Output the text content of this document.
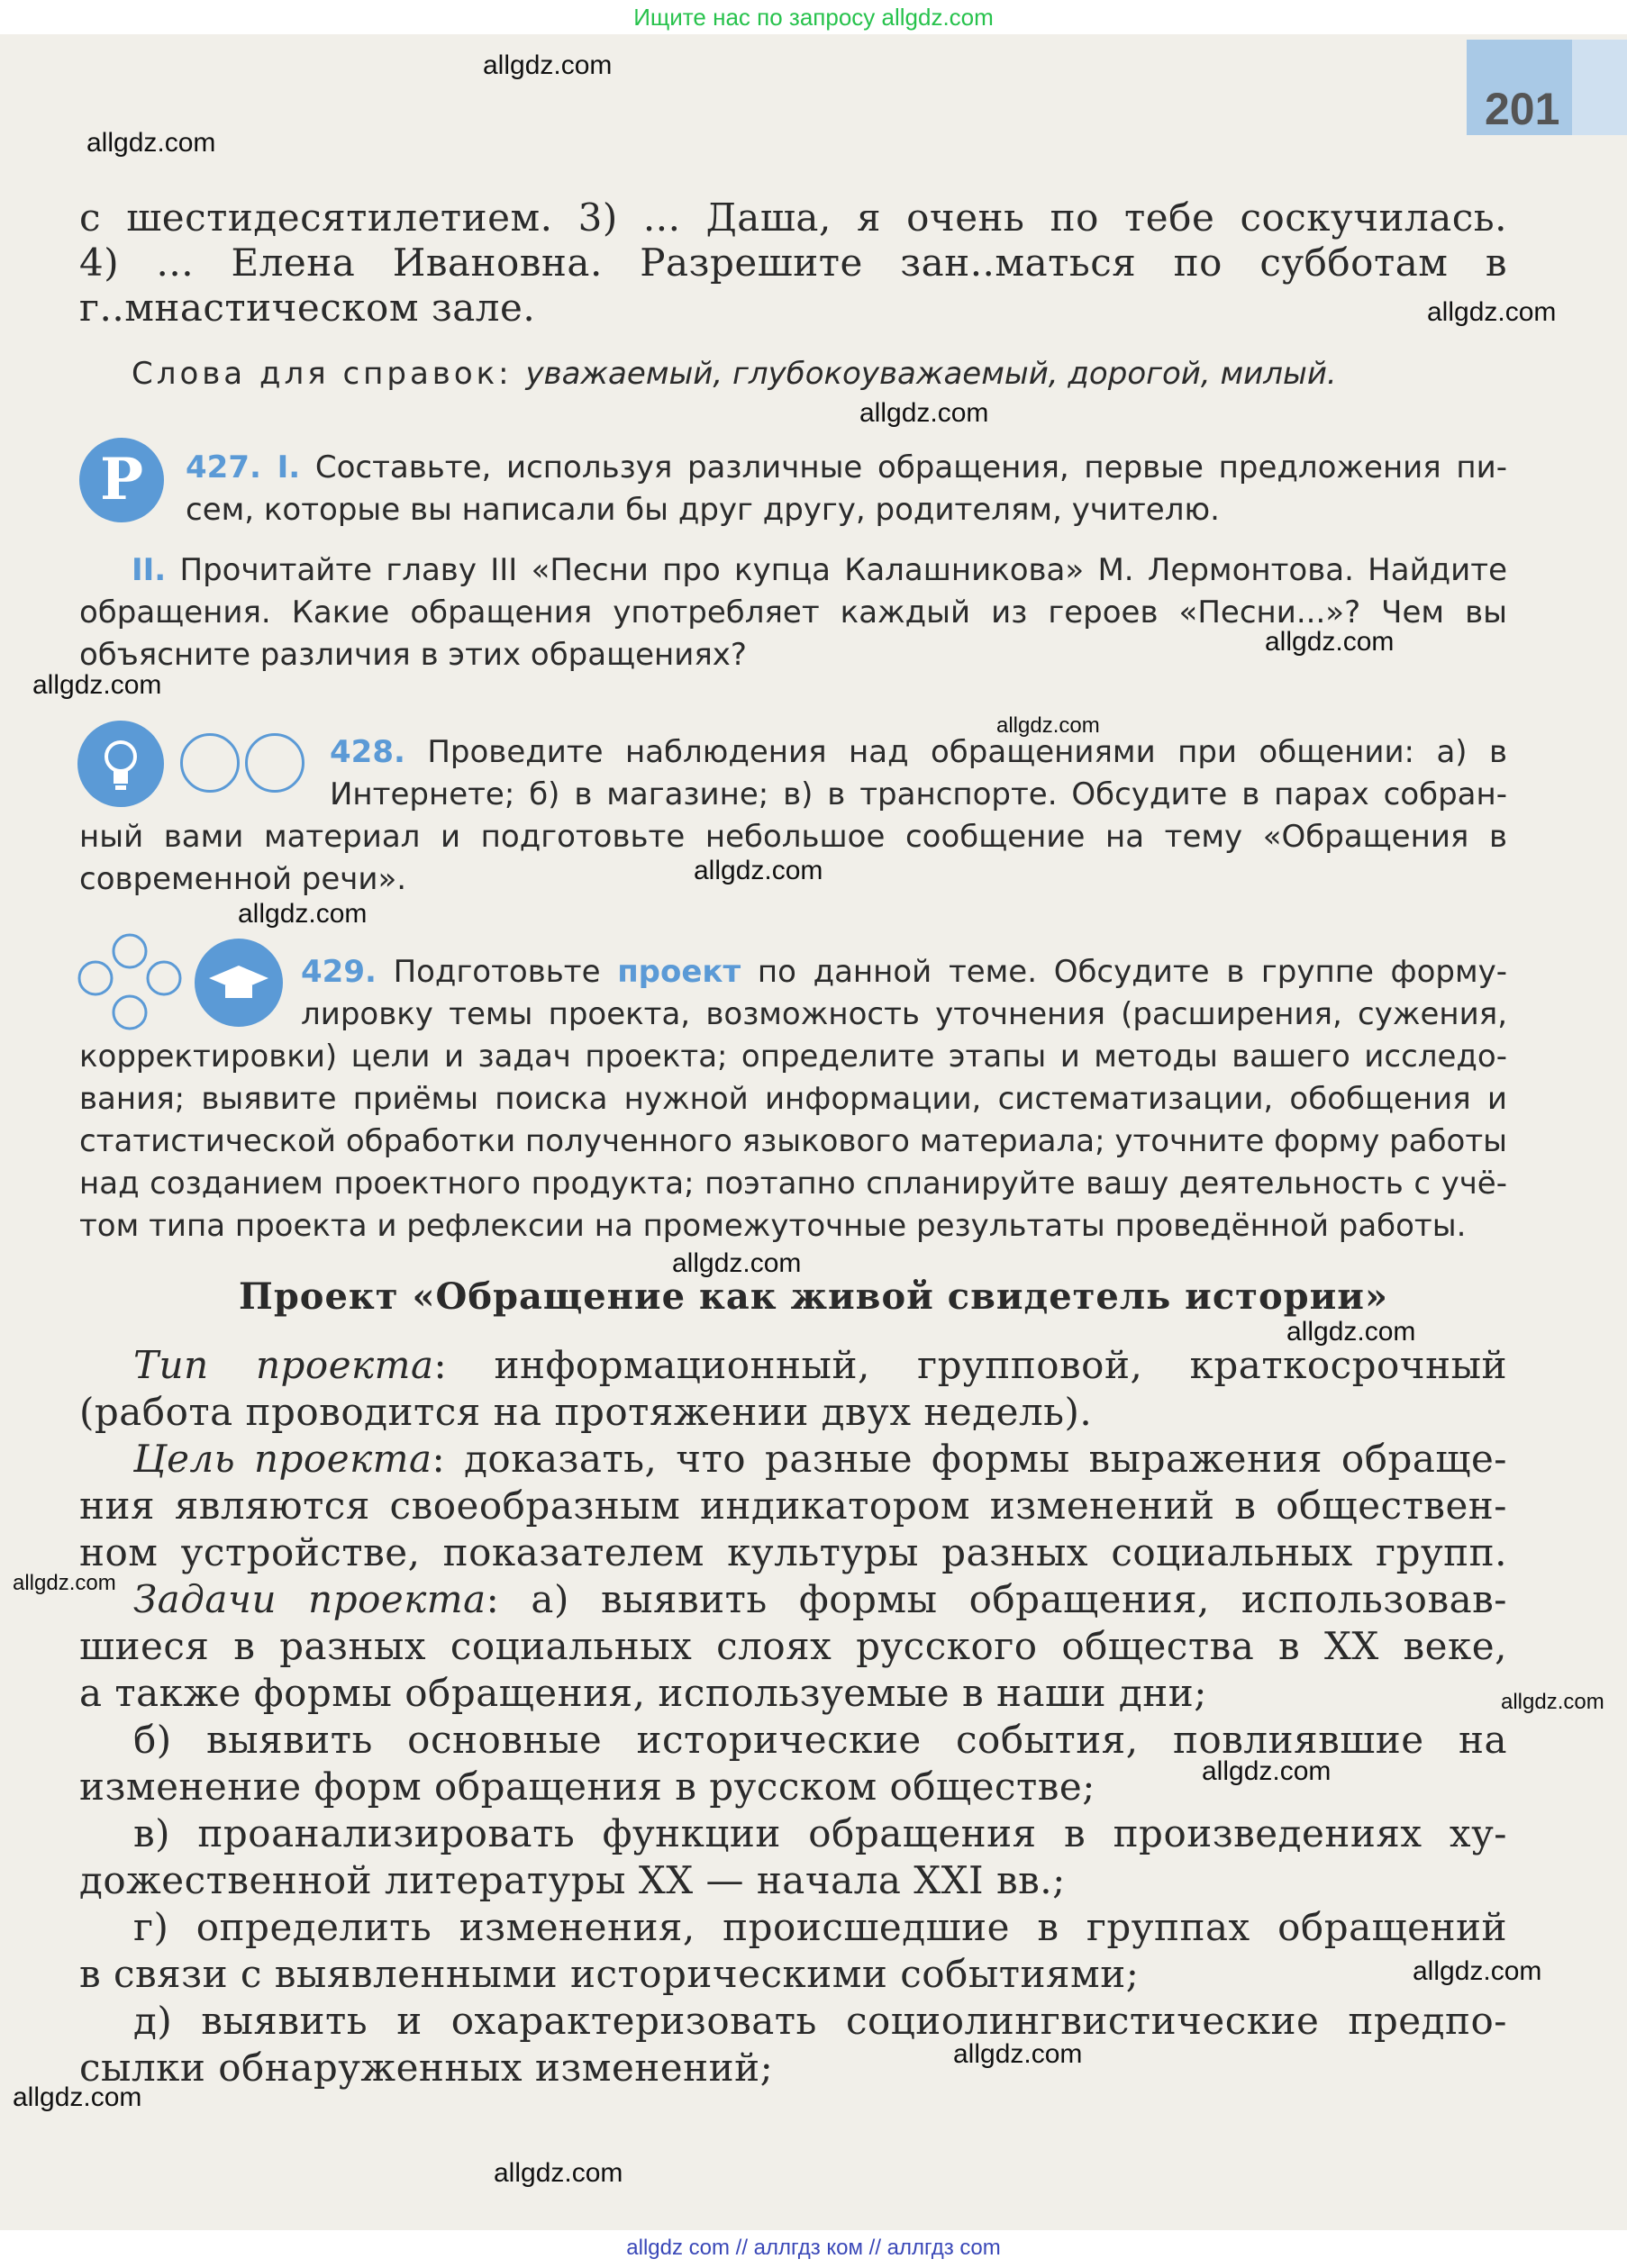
Ищите нас по запросу allgdz.com
201
с шестидесятилетием. 3) ... Даша, я очень по тебе соскучилась.
4) ... Елена Ивановна. Разрешите зан..маться по субботам в
г..мнастическом зале.
Слова для справок: уважаемый, глубокоуважаемый, дорогой, милый.
Р	427. I. Составьте, используя различные обращения, первые предложения пи-
сем, которые вы написали бы друг другу, родителям, учителю.
II. Прочитайте главу III «Песни про купца Калашникова» М. Лермонтова. Найдите
обращения. Какие обращения употребляет каждый из героев «Песни...»? Чем вы
объясните различия в этих обращениях?
428. Проведите наблюдения над обращениями при общении: а) в
Интернете; б) в магазине; в) в транспорте. Обсудите в парах собран-
ный вами материал и подготовьте небольшое сообщение на тему «Обращения в
современной речи».
429. Подготовьте проект по данной теме. Обсудите в группе форму-
лировку темы проекта, возможность уточнения (расширения, сужения,
корректировки) цели и задач проекта; определите этапы и методы вашего исследо-
вания; выявите приёмы поиска нужной информации, систематизации, обобщения и
статистической обработки полученного языкового материала; уточните форму работы
над созданием проектного продукта; поэтапно спланируйте вашу деятельность с учё-
том типа проекта и рефлексии на промежуточные результаты проведённой работы.
Проект «Обращение как живой свидетель истории»
Тип проекта: информационный, групповой, краткосрочный
(работа проводится на протяжении двух недель).
Цель проекта: доказать, что разные формы выражения обраще-
ния являются своеобразным индикатором изменений в обществен-
ном устройстве, показателем культуры разных социальных групп.
Задачи проекта: а) выявить формы обращения, использовав-
шиеся в разных социальных слоях русского общества в XX веке,
а также формы обращения, используемые в наши дни;
б) выявить основные исторические события, повлиявшие на
изменение форм обращения в русском обществе;
в) проанализировать функции обращения в произведениях ху-
дожественной литературы XX — начала XXI вв.;
г) определить изменения, происшедшие в группах обращений
в связи с выявленными историческими событиями;
д) выявить и охарактеризовать социолингвистические предпо-
сылки обнаруженных изменений;
allgdz.com
allgdz.com
allgdz.com
allgdz.com
allgdz.com
allgdz.com
allgdz.com
allgdz.com
allgdz.com
allgdz.com
allgdz.com
allgdz.com
allgdz.com
allgdz.com
allgdz.com
allgdz.com
allgdz.com
allgdz.com
allgdz com // аллгдз ком // аллгдз com
